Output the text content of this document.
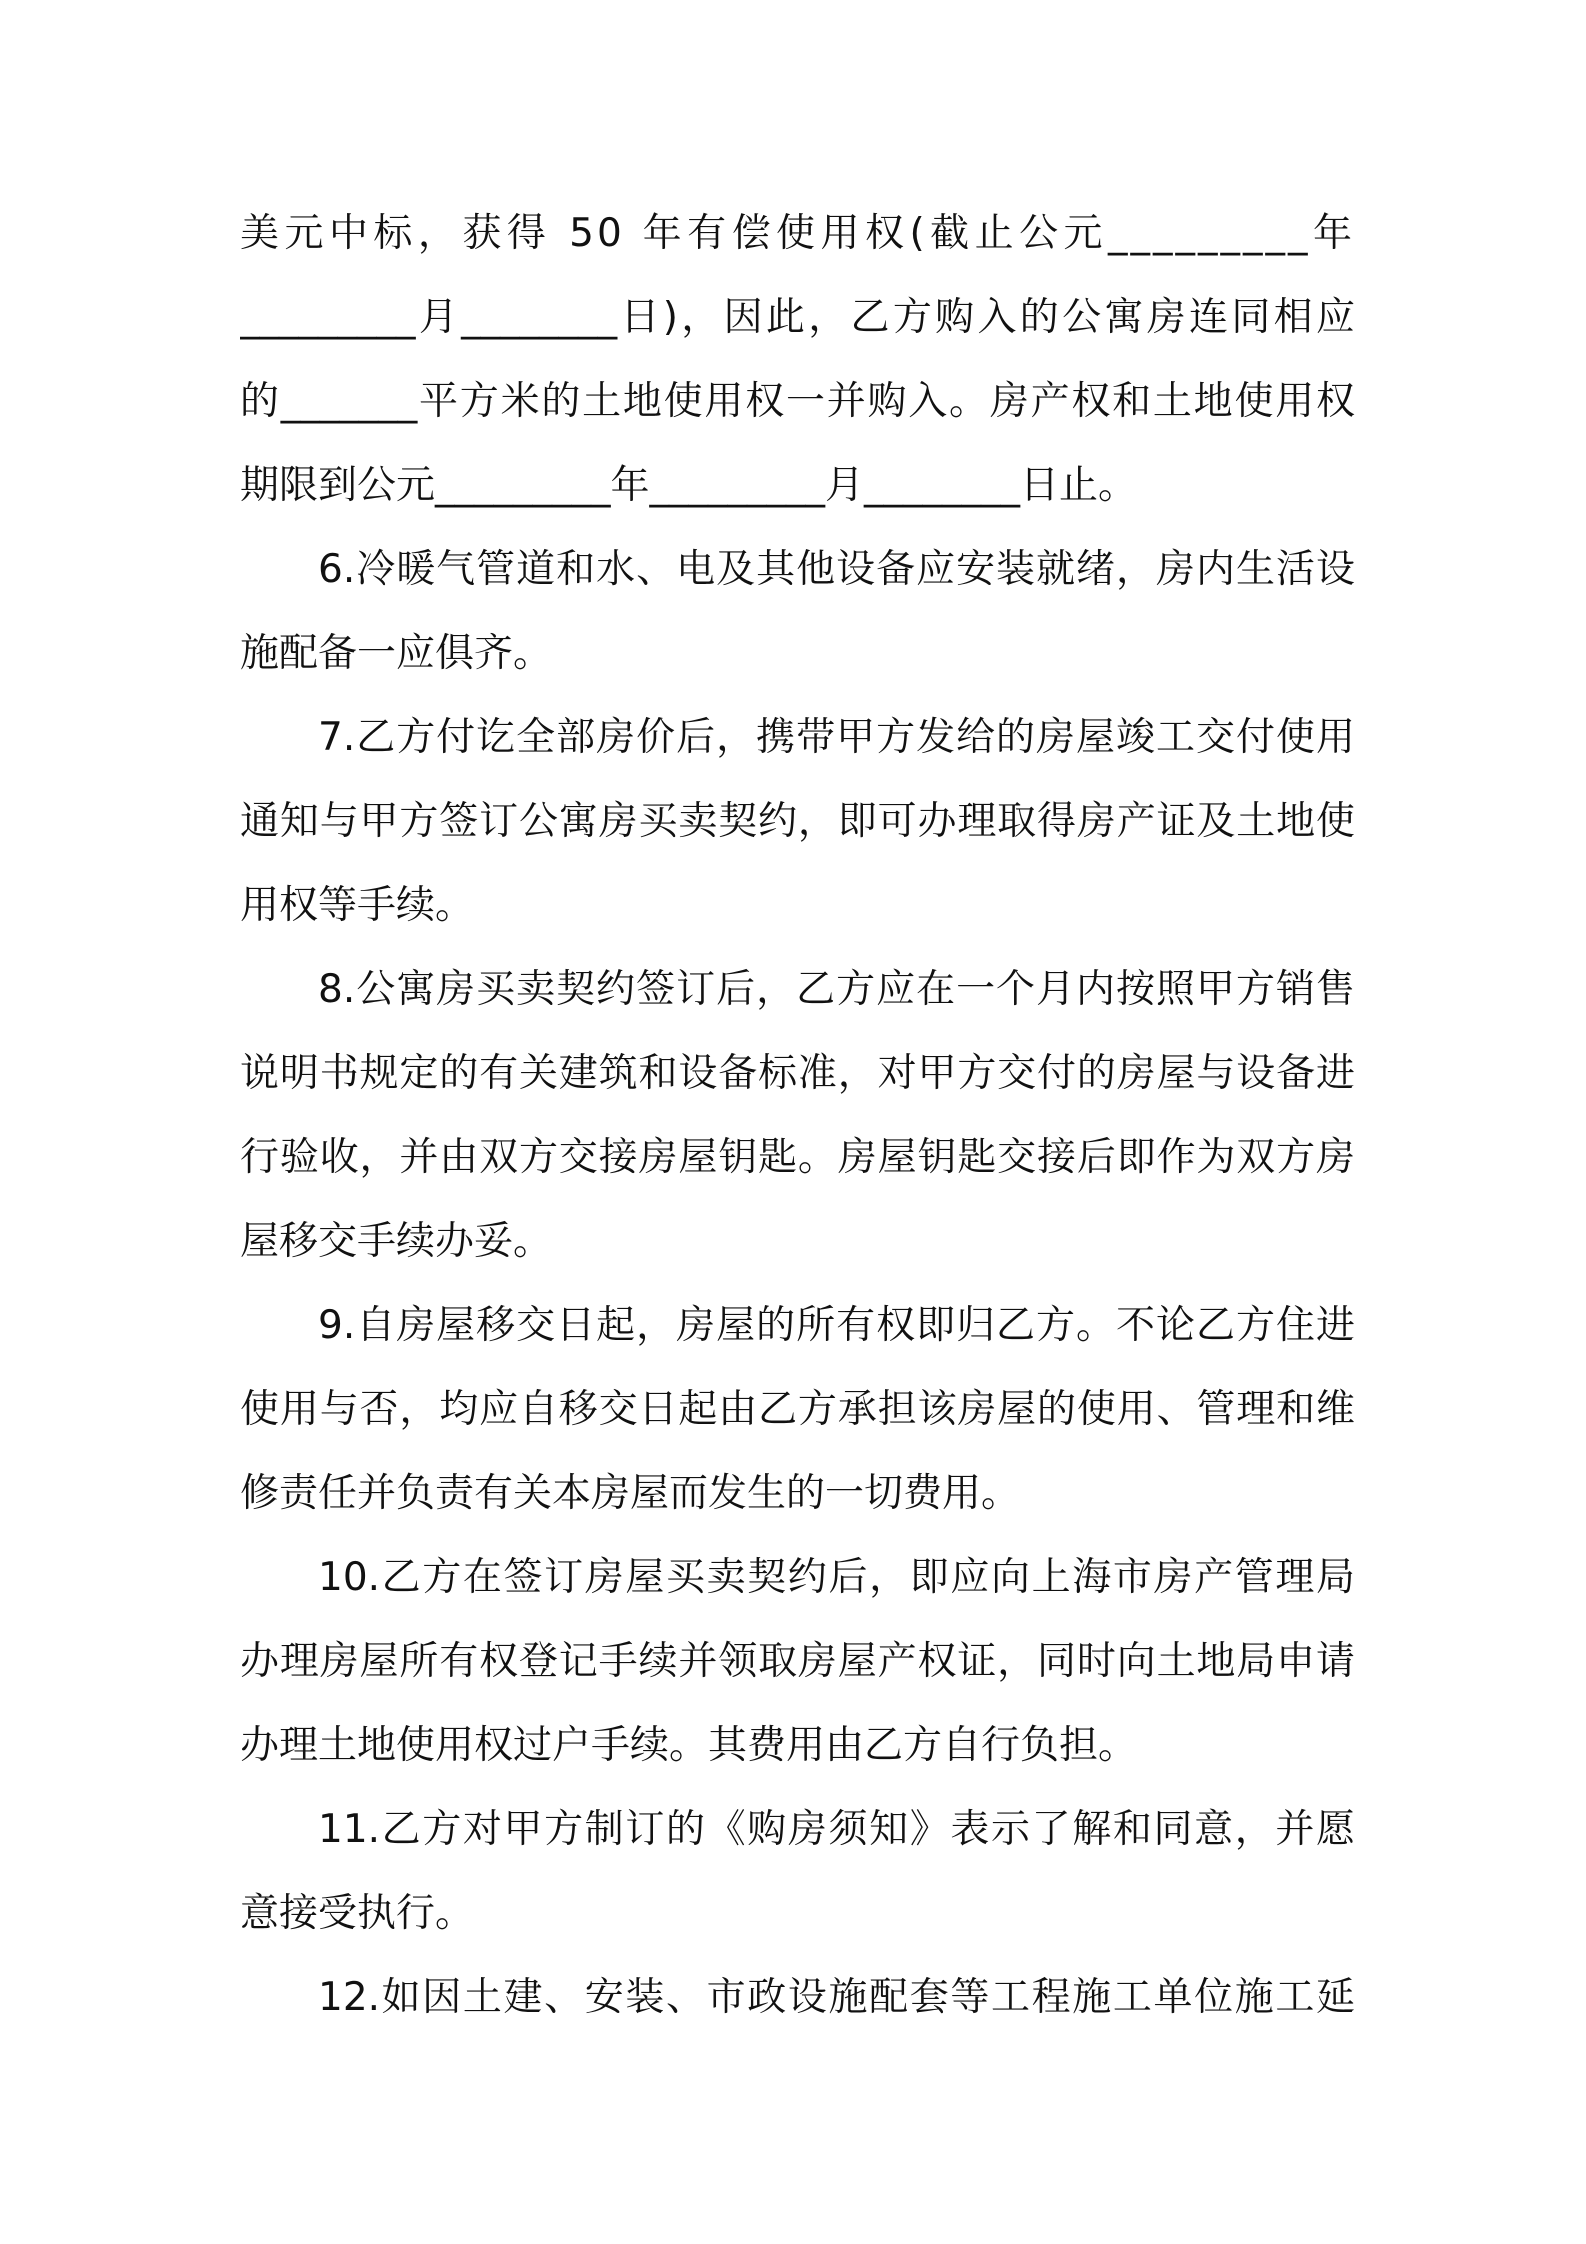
美元中标，获得 50 年有偿使用权(截止公元_________年
_________月________日)，因此，乙方购入的公寓房连同相应
的_______平方米的土地使用权一并购入。房产权和土地使用权
期限到公元_________年_________月________日止。
6.冷暖气管道和水、电及其他设备应安装就绪，房内生活设
施配备一应俱齐。
7.乙方付讫全部房价后，携带甲方发给的房屋竣工交付使用
通知与甲方签订公寓房买卖契约，即可办理取得房产证及土地使
用权等手续。
8.公寓房买卖契约签订后，乙方应在一个月内按照甲方销售
说明书规定的有关建筑和设备标准，对甲方交付的房屋与设备进
行验收，并由双方交接房屋钥匙。房屋钥匙交接后即作为双方房
屋移交手续办妥。
9.自房屋移交日起，房屋的所有权即归乙方。不论乙方住进
使用与否，均应自移交日起由乙方承担该房屋的使用、管理和维
修责任并负责有关本房屋而发生的一切费用。
10.乙方在签订房屋买卖契约后，即应向上海市房产管理局
办理房屋所有权登记手续并领取房屋产权证，同时向土地局申请
办理土地使用权过户手续。其费用由乙方自行负担。
11.乙方对甲方制订的《购房须知》表示了解和同意，并愿
意接受执行。
12.如因土建、安装、市政设施配套等工程施工单位施工延
